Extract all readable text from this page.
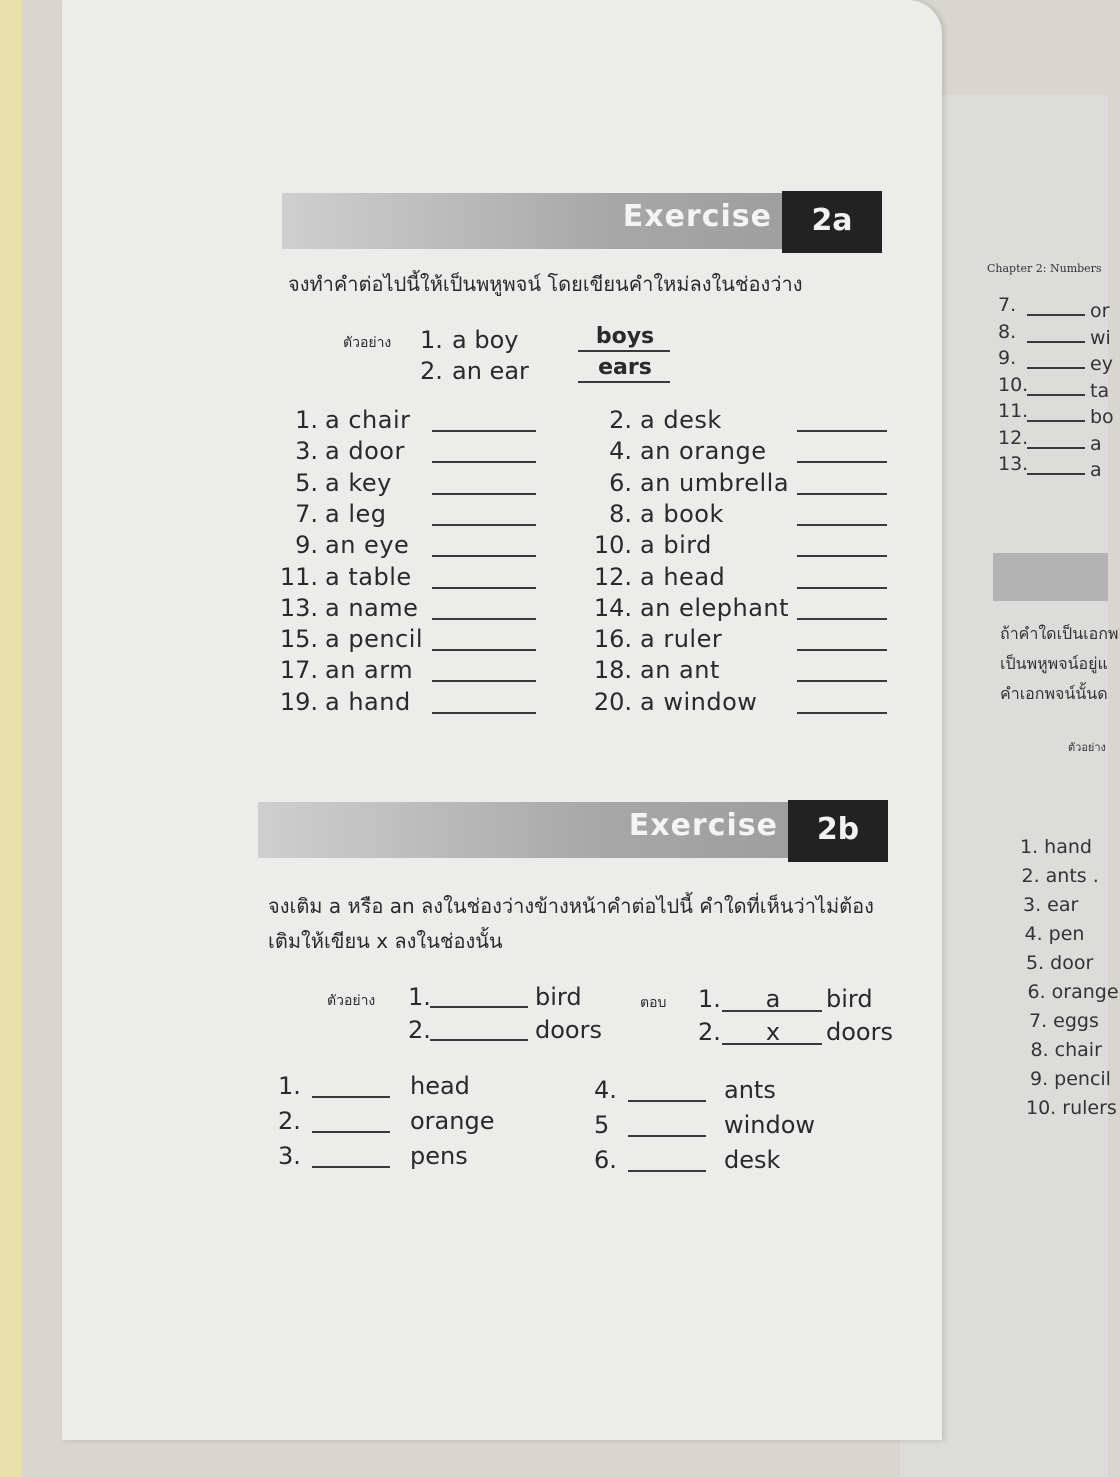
Chapter 2: Numbers
7.	or
8.	wi
9.	ey
10.	ta
11.	bo
12.	a
13.	a
ถ้าคำใดเป็นเอกพ
เป็นพหูพจน์อยู่แ
คำเอกพจน์นั้นด
ตัวอย่าง
1. hand
2. ants .
3. ear
4. pen
5. door
6. orange
7. eggs
8. chair
9. pencil
10. rulers
Exercise	2a
จงทำคำต่อไปนี้ให้เป็นพหูพจน์ โดยเขียนคำใหม่ลงในช่องว่าง
ตัวอย่าง 1. a boy	boys
2. an ear	ears
1. a chair	2. a desk
3. a door	4. an orange
5. a key	6. an umbrella
7. a leg	8. a book
9. an eye	10. a bird
11. a table	12. a head
13. a name	14. an elephant
15. a pencil	16. a ruler
17. an arm	18. an ant
19. a hand	20. a window
Exercise	2b
จงเติม a หรือ an ลงในช่องว่างข้างหน้าคำต่อไปนี้ คำใดที่เห็นว่าไม่ต้อง
เติมให้เขียน x ลงในช่องนั้น
ตัวอย่าง	ตอบ
1.	bird	1.	a	bird
2.	doors	2.	x	doors
1.	head
2.	orange
3.	pens
4.	ants
5	window
6.	desk
